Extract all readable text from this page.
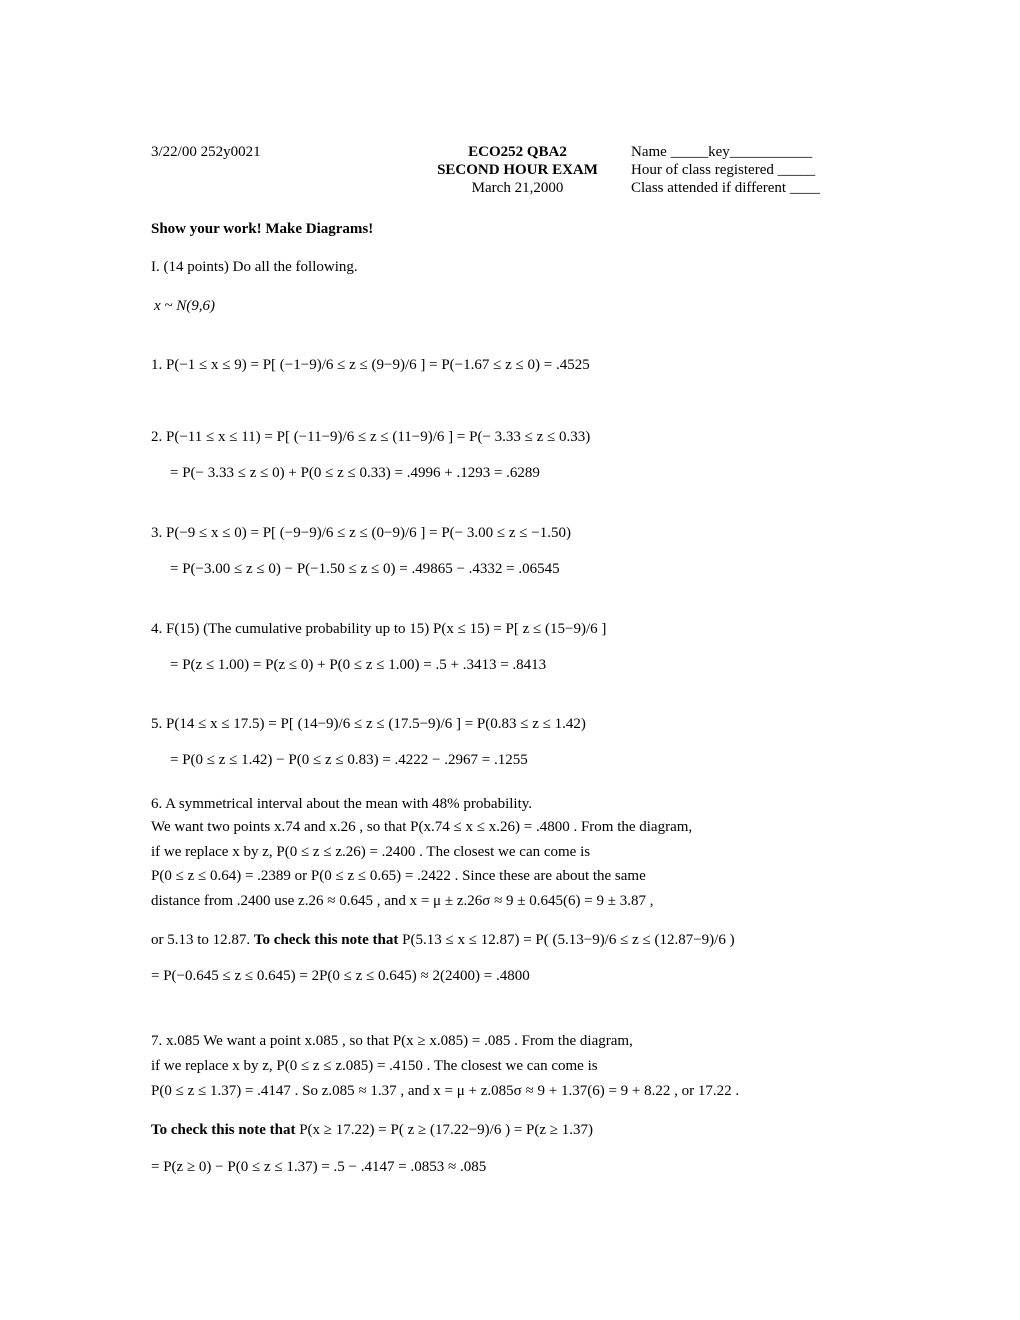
3/22/00 252y0021	ECO252 QBA2
SECOND HOUR EXAM
March 21,2000
Name _____key___________
Hour of class registered _____
Class attended if different ____
Show your work! Make Diagrams!
I. (14 points) Do all the following.
x ~ N(9,6)
1. P(−1 ≤ x ≤ 9) = P[ (−1−9)/6 ≤ z ≤ (9−9)/6 ] = P(−1.67 ≤ z ≤ 0) = .4525
2. P(−11 ≤ x ≤ 11) = P[ (−11−9)/6 ≤ z ≤ (11−9)/6 ] = P(− 3.33 ≤ z ≤ 0.33)
= P(− 3.33 ≤ z ≤ 0) + P(0 ≤ z ≤ 0.33) = .4996 + .1293 = .6289
3. P(−9 ≤ x ≤ 0) = P[ (−9−9)/6 ≤ z ≤ (0−9)/6 ] = P(− 3.00 ≤ z ≤ −1.50)
= P(−3.00 ≤ z ≤ 0) − P(−1.50 ≤ z ≤ 0) = .49865 − .4332 = .06545
4. F(15) (The cumulative probability up to 15) P(x ≤ 15) = P[ z ≤ (15−9)/6 ]
= P(z ≤ 1.00) = P(z ≤ 0) + P(0 ≤ z ≤ 1.00) = .5 + .3413 = .8413
5. P(14 ≤ x ≤ 17.5) = P[ (14−9)/6 ≤ z ≤ (17.5−9)/6 ] = P(0.83 ≤ z ≤ 1.42)
= P(0 ≤ z ≤ 1.42) − P(0 ≤ z ≤ 0.83) = .4222 − .2967 = .1255
6. A symmetrical interval about the mean with 48% probability.
We want two points x.74 and x.26 , so that P(x.74 ≤ x ≤ x.26) = .4800 . From the diagram,
if we replace x by z, P(0 ≤ z ≤ z.26) = .2400 . The closest we can come is
P(0 ≤ z ≤ 0.64) = .2389 or P(0 ≤ z ≤ 0.65) = .2422 . Since these are about the same
distance from .2400 use z.26 ≈ 0.645 , and x = μ ± z.26σ ≈ 9 ± 0.645(6) = 9 ± 3.87 ,
or 5.13 to 12.87. To check this note that P(5.13 ≤ x ≤ 12.87) = P( (5.13−9)/6 ≤ z ≤ (12.87−9)/6 )
= P(−0.645 ≤ z ≤ 0.645) = 2P(0 ≤ z ≤ 0.645) ≈ 2(2400) = .4800
7. x.085 We want a point x.085 , so that P(x ≥ x.085) = .085 . From the diagram,
if we replace x by z, P(0 ≤ z ≤ z.085) = .4150 . The closest we can come is
P(0 ≤ z ≤ 1.37) = .4147 . So z.085 ≈ 1.37 , and x = μ + z.085σ ≈ 9 + 1.37(6) = 9 + 8.22 , or 17.22 .
To check this note that P(x ≥ 17.22) = P( z ≥ (17.22−9)/6 ) = P(z ≥ 1.37)
= P(z ≥ 0) − P(0 ≤ z ≤ 1.37) = .5 − .4147 = .0853 ≈ .085
